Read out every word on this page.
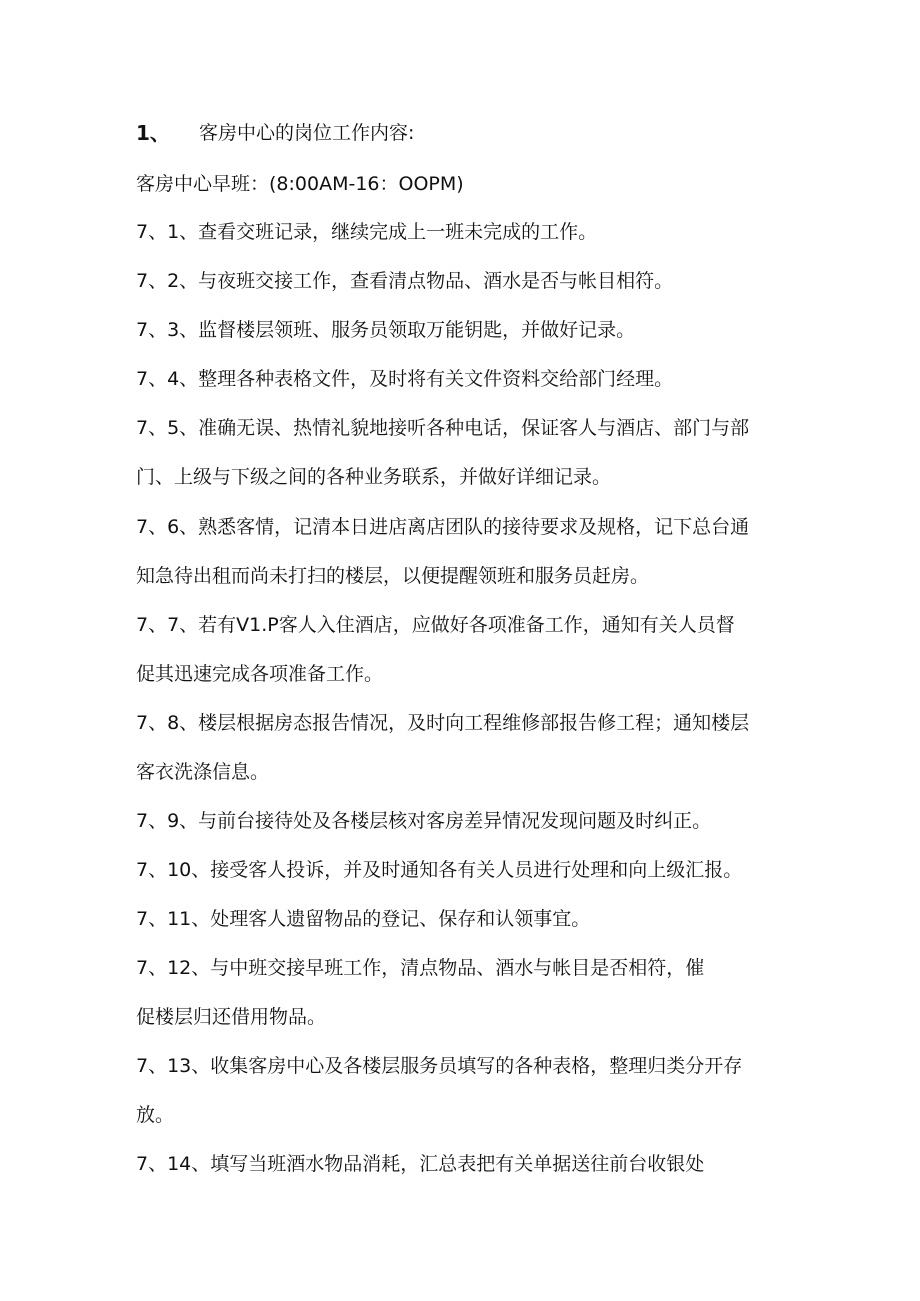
1、 客房中心的岗位工作内容:
客房中心早班：(8:00AM-16：OOPM)
7、1、查看交班记录，继续完成上一班未完成的工作。
7、2、与夜班交接工作，查看清点物品、酒水是否与帐目相符。
7、3、监督楼层领班、服务员领取万能钥匙，并做好记录。
7、4、整理各种表格文件，及时将有关文件资料交给部门经理。
7、5、准确无误、热情礼貌地接听各种电话，保证客人与酒店、部门与部
门、上级与下级之间的各种业务联系，并做好详细记录。
7、6、熟悉客情，记清本日进店离店团队的接待要求及规格，记下总台通
知急待出租而尚未打扫的楼层，以便提醒领班和服务员赶房。
7、7、若有V1.P客人入住酒店，应做好各项准备工作，通知有关人员督
促其迅速完成各项准备工作。
7、8、楼层根据房态报告情况，及时向工程维修部报告修工程；通知楼层
客衣洗涤信息。
7、9、与前台接待处及各楼层核对客房差异情况发现问题及时纠正。
7、10、接受客人投诉，并及时通知各有关人员进行处理和向上级汇报。
7、11、处理客人遗留物品的登记、保存和认领事宜。
7、12、与中班交接早班工作，清点物品、酒水与帐目是否相符，催
促楼层归还借用物品。
7、13、收集客房中心及各楼层服务员填写的各种表格，整理归类分开存
放。
7、14、填写当班酒水物品消耗，汇总表把有关单据送往前台收银处
